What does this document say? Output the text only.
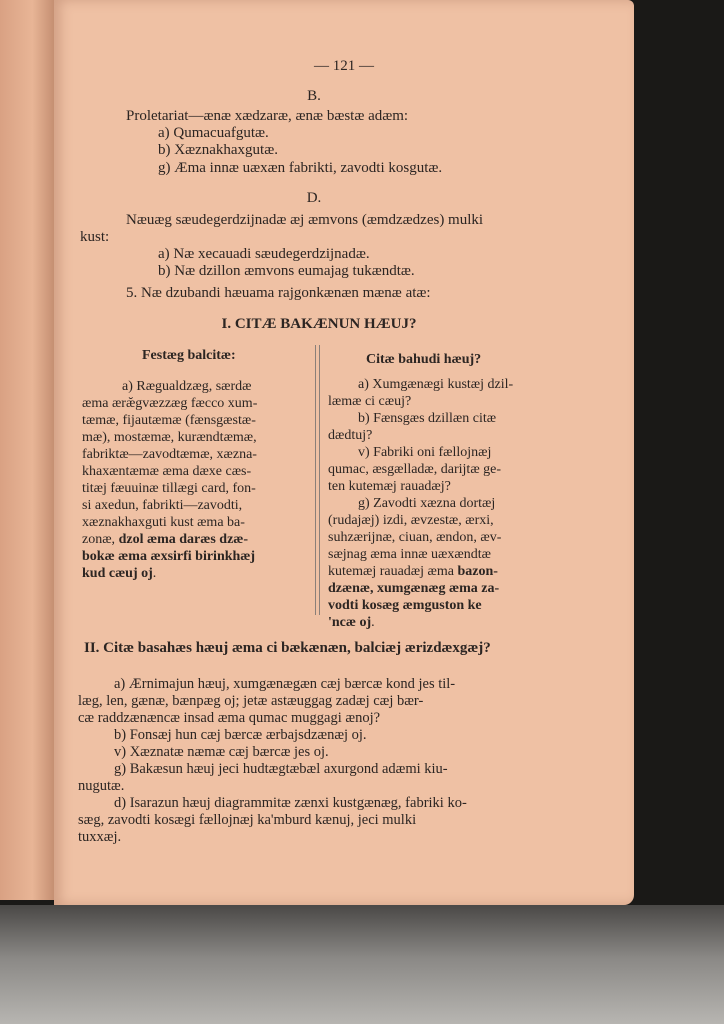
— 121 —
B.
Proletariat—ænæ xædzaræ, ænæ bæstæ adæm:
a) Qumacuafgutæ.
b) Xæznakhaxgutæ.
g) Æma innæ uæxæn fabrikti, zavodti kosgutæ.
D.
Næuæg sæudegerdzijnadæ æj æmvons (æmdzædzes) mulki
kust:
a) Næ xecauadi sæudegerdzijnadæ.
b) Næ dzillon æmvons eumajag tukændtæ.
5. Næ dzubandi hæuama rajgonkænæn mænæ atæ:
I. CITÆ BAKÆNUN HÆUJ?
Festæg balcitæ:
a) Rægualdzæg, særdæ
æma æræ̆gvæzzæg fæcco xum-
tæmæ, fijautæmæ (fænsgæstæ-
mæ), mostæmæ, kurændtæmæ,
fabriktæ—zavodtæmæ, xæzna-
khaxæntæmæ æma dæxe cæs-
titæj fæuuinæ tillægi card, fon-
si axedun, fabrikti—zavodti,
xæznakhaxguti kust æma ba-
zonæ, dzol æma daræs dzæ-
bokæ æma æxsirfi birinkhæj
kud cæuj oj.
Citæ bahudi hæuj?
a) Xumgænægi kustæj dzil-
læmæ ci cæuj?
b) Fænsgæs dzillæn citæ
dædtuj?
v) Fabriki oni fællojnæj
qumac, æsgælladæ, darijtæ ge-
ten kutemæj rauadæj?
g) Zavodti xæzna dortæj
(rudajæj) izdi, ævzestæ, ærxi,
suhzærijnæ, ciuan, ændon, æv-
sæjnag æma innæ uæxændtæ
kutemæj rauadæj æma bazon-
dzænæ, xumgænæg æma za-
vodti kosæg æmguston ke
'ncæ oj.
II. Citæ basahæs hæuj æma ci bækænæn, balciæj ærizdæxgæj?
a) Ærnimajun hæuj, xumgænægæn cæj bærcæ kond jes til-
læg, len, gænæ, bænpæg oj; jetæ astæuggag zadæj cæj bær-
cæ raddzænæncæ insad æma qumac muggagi ænoj?
b) Fonsæj hun cæj bærcæ ærbajsdzænæj oj.
v) Xæznatæ næmæ cæj bærcæ jes oj.
g) Bakæsun hæuj jeci hudtægtæbæl axurgond adæmi kiu-
nugutæ.
d) Isarazun hæuj diagrammitæ zænxi kustgænæg, fabriki ko-
sæg, zavodti kosægi fællojnæj ka'mburd kænuj, jeci mulki
tuxxæj.
